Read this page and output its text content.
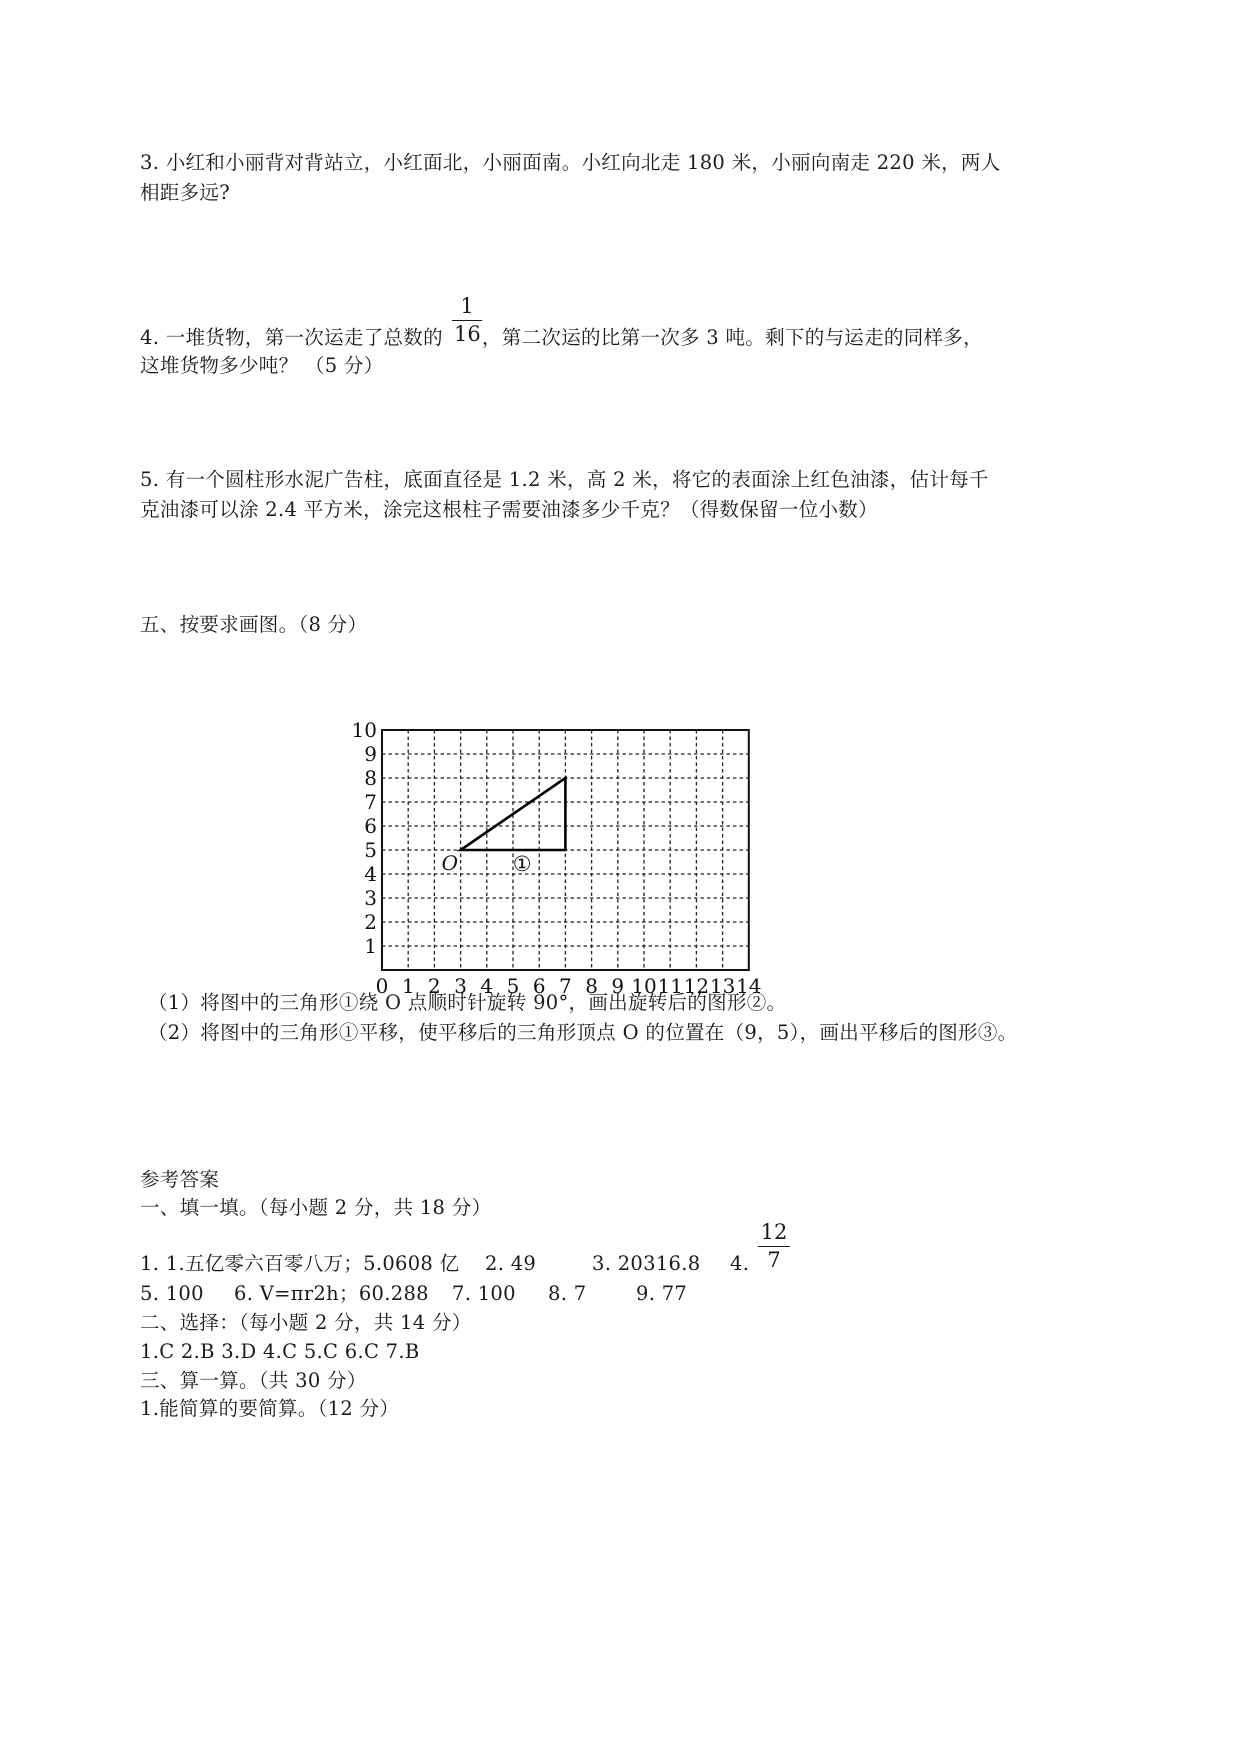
3. 小红和小丽背对背站立，小红面北，小丽面南。小红向北走 180 米，小丽向南走 220 米，两人
相距多远?
4. 一堆货物，第一次运走了总数的
1
16 ，第二次运的比第一次多 3 吨。剩下的与运走的同样多，
这堆货物多少吨？ （5 分）
5. 有一个圆柱形水泥广告柱，底面直径是 1.2 米，高 2 米，将它的表面涂上红色油漆，估计每千
克油漆可以涂 2.4 平方米，涂完这根柱子需要油漆多少千克？（得数保留一位小数）
五、按要求画图。（8 分）
0 1 2 3 4 5 6 7 8 9 10 11 12 13 14
1
2
3
4
5
6
7
8
9
10
O	①
（1）将图中的三角形①绕 O 点顺时针旋转 90°，画出旋转后的图形②。
（2）将图中的三角形①平移，使平移后的三角形顶点 O 的位置在（9，5），画出平移后的图形③。
参考答案
一、填一填。（每小题 2 分，共 18 分）
1. 1.五亿零六百零八万；5.0608 亿 2. 49	3. 20316.8 4.
12
7
5. 100 6. V=πr2h；60.288 7. 100 8. 7	9. 77
二、选择：（每小题 2 分，共 14 分）
1.C 2.B 3.D 4.C 5.C 6.C 7.B
三、算一算。（共 30 分）
1.能简算的要简算。（12 分）
